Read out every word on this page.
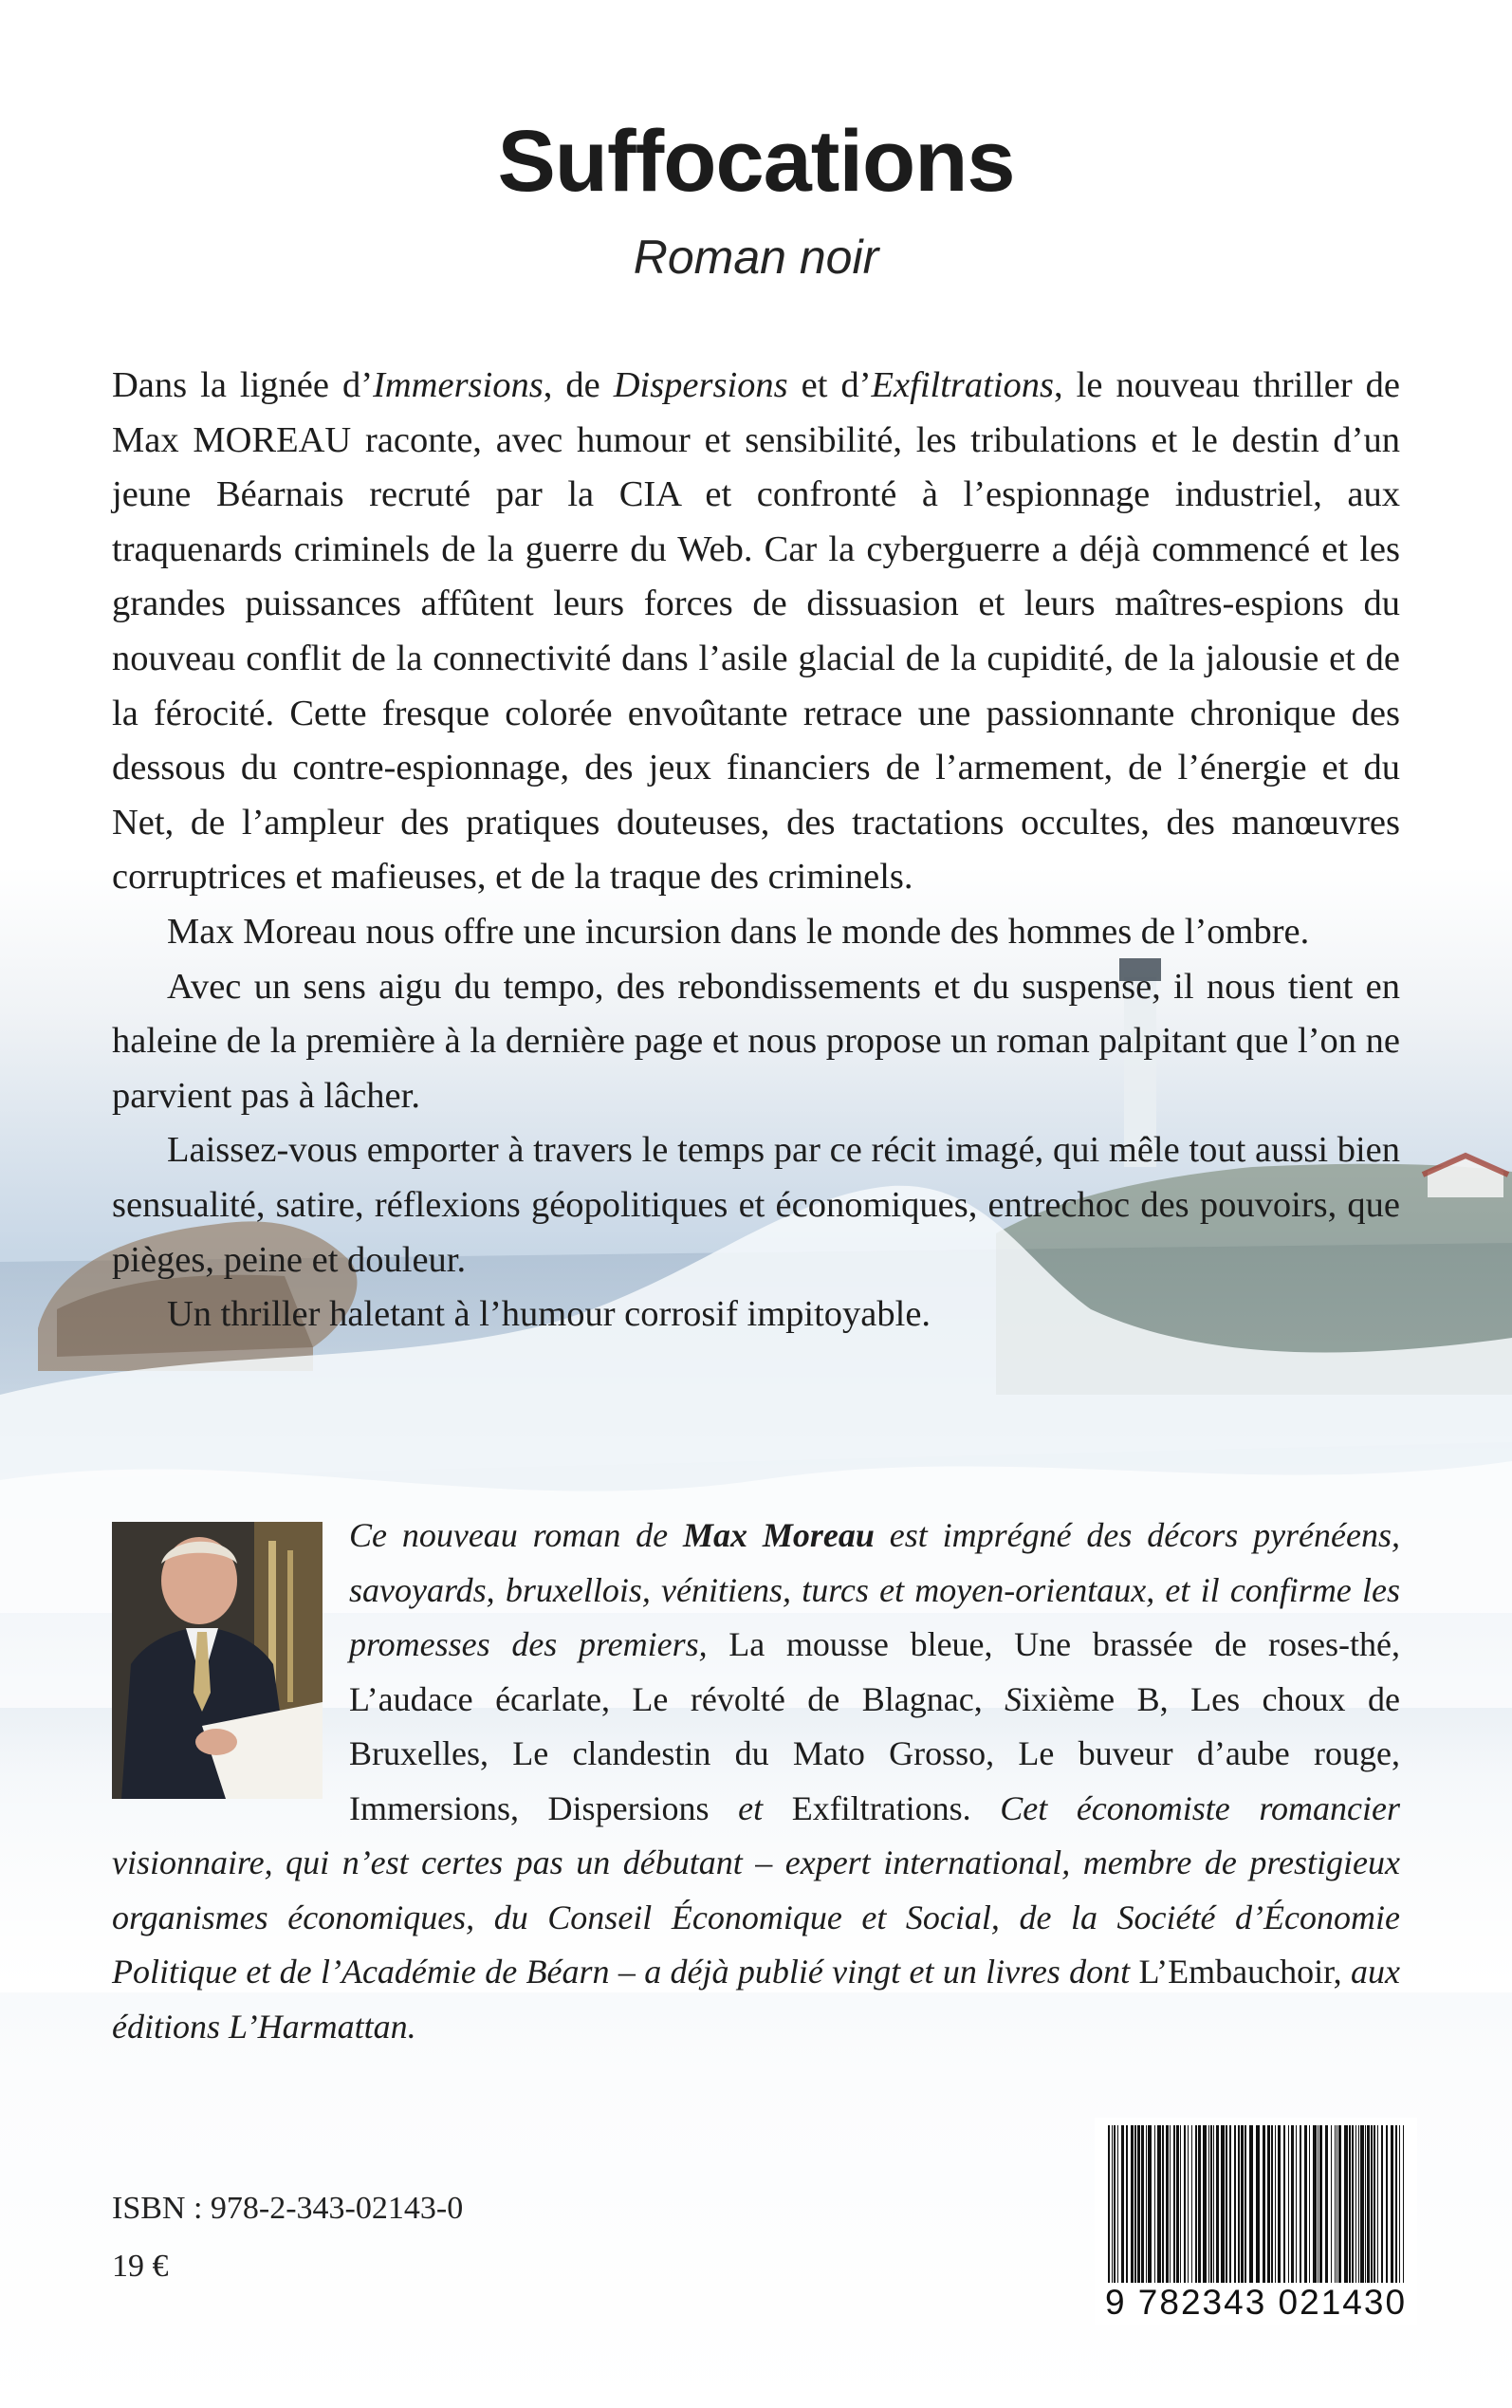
Suffocations
Roman noir

Dans la lignée d’Immersions, de Dispersions et d’Exfiltrations, le nouveau thriller de Max MOREAU raconte, avec humour et sensibilité, les tribulations et le destin d’un jeune Béarnais recruté par la CIA et confronté à l’espionnage industriel, aux traquenards criminels de la guerre du Web. Car la cyberguerre a déjà commencé et les grandes puissances affûtent leurs forces de dissuasion et leurs maîtres-espions du nouveau conflit de la connectivité dans l’asile glacial de la cupidité, de la jalousie et de la férocité. Cette fresque colorée envoûtante retrace une passionnante chronique des dessous du contre-espionnage, des jeux financiers de l’armement, de l’énergie et du Net, de l’ampleur des pratiques douteuses, des tractations occultes, des manœuvres corruptrices et mafieuses, et de la traque des criminels.

Max Moreau nous offre une incursion dans le monde des hommes de l’ombre.

Avec un sens aigu du tempo, des rebondissements et du suspense, il nous tient en haleine de la première à la dernière page et nous propose un roman palpitant que l’on ne parvient pas à lâcher.

Laissez-vous emporter à travers le temps par ce récit imagé, qui mêle tout aussi bien sensualité, satire, réflexions géopolitiques et économiques, entrechoc des pouvoirs, que pièges, peine et douleur.

Un thriller haletant à l’humour corrosif impitoyable.

Ce nouveau roman de Max Moreau est imprégné des décors pyrénéens, savoyards, bruxellois, vénitiens, turcs et moyen-orientaux, et il confirme les promesses des premiers, La mousse bleue, Une brassée de roses-thé, L’audace écarlate, Le révolté de Blagnac, Sixième B, Les choux de Bruxelles, Le clandestin du Mato Grosso, Le buveur d’aube rouge, Immersions, Dispersions et Exfiltrations. Cet économiste romancier visionnaire, qui n’est certes pas un débutant – expert international, membre de prestigieux organismes économiques, du Conseil Économique et Social, de la Société d’Économie Politique et de l’Académie de Béarn – a déjà publié vingt et un livres dont L’Embauchoir, aux éditions L’Harmattan.
ISBN : 978-2-343-02143-0
19 €
9 782343 021430
